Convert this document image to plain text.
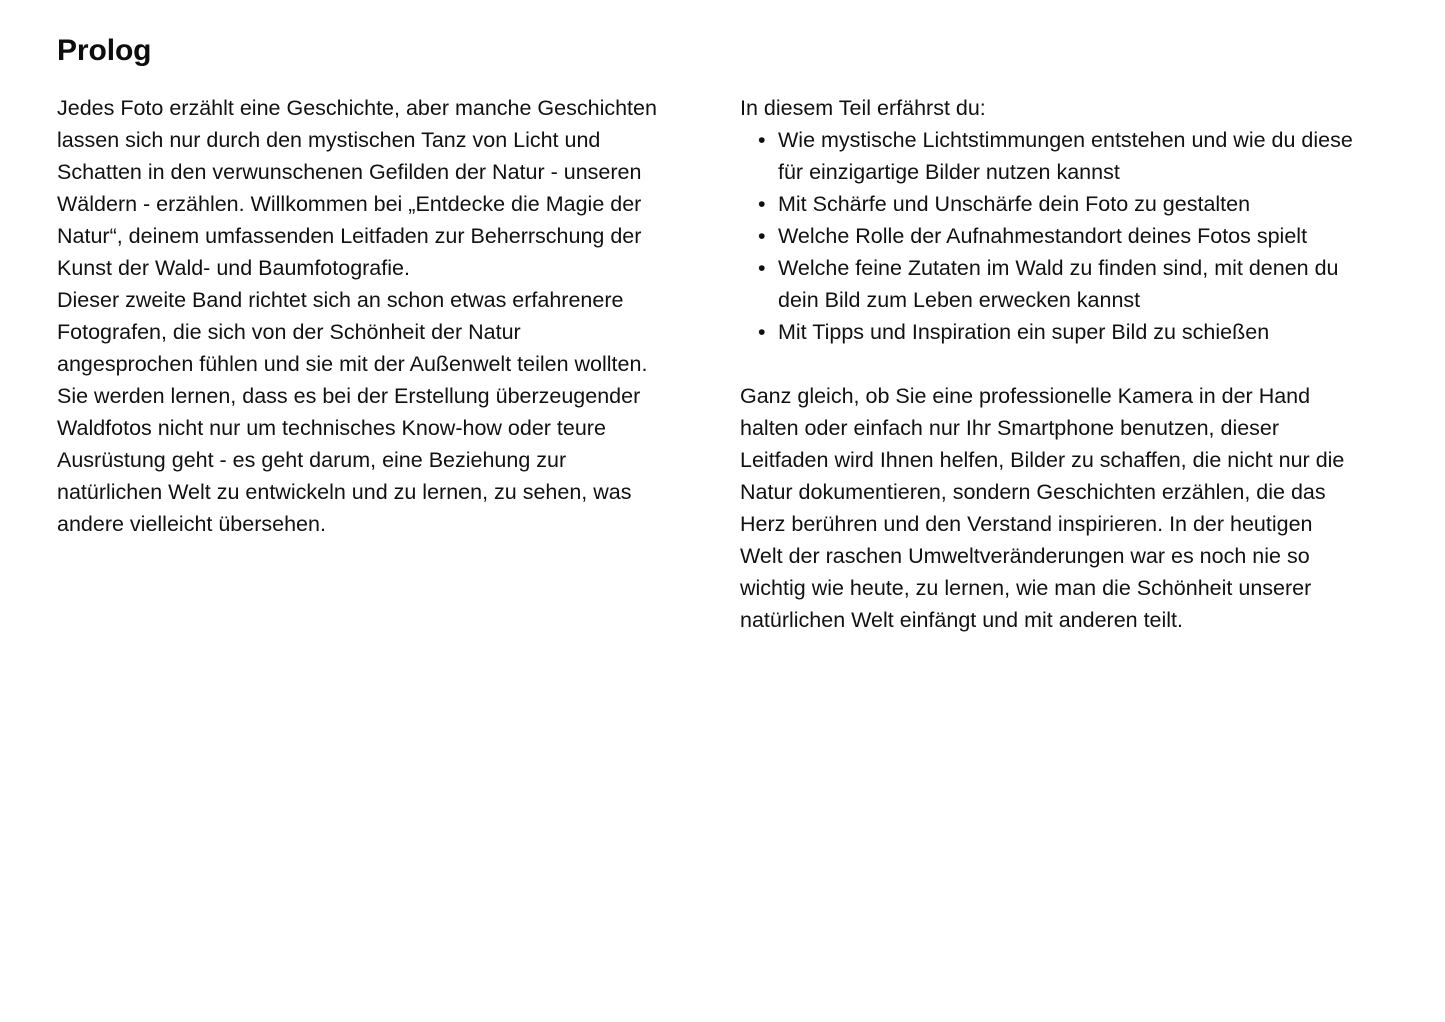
Prolog

Jedes Foto erzählt eine Geschichte, aber manche Geschichten lassen sich nur durch den mystischen Tanz von Licht und Schatten in den verwunschenen Gefilden der Natur - unseren Wäldern - erzählen. Willkommen bei „Entdecke die Magie der Natur“, deinem umfassenden Leitfaden zur Beherrschung der Kunst der Wald- und Baumfotografie.

Dieser zweite Band richtet sich an schon etwas erfahrenere Fotografen, die sich von der Schönheit der Natur angesprochen fühlen und sie mit der Außenwelt teilen wollten. Sie werden lernen, dass es bei der Erstellung überzeugender Waldfotos nicht nur um technisches Know-how oder teure Ausrüstung geht - es geht darum, eine Beziehung zur natürlichen Welt zu entwickeln und zu lernen, zu sehen, was andere vielleicht übersehen.

In diesem Teil erfährst du:

• Wie mystische Lichtstimmungen entstehen und wie du diese für einzigartige Bilder nutzen kannst
• Mit Schärfe und Unschärfe dein Foto zu gestalten
• Welche Rolle der Aufnahmestandort deines Fotos spielt
• Welche feine Zutaten im Wald zu finden sind, mit denen du dein Bild zum Leben erwecken kannst
• Mit Tipps und Inspiration ein super Bild zu schießen

Ganz gleich, ob Sie eine professionelle Kamera in der Hand halten oder einfach nur Ihr Smartphone benutzen, dieser Leitfaden wird Ihnen helfen, Bilder zu schaffen, die nicht nur die Natur dokumentieren, sondern Geschichten erzählen, die das Herz berühren und den Verstand inspirieren. In der heutigen Welt der raschen Umweltveränderungen war es noch nie so wichtig wie heute, zu lernen, wie man die Schönheit unserer natürlichen Welt einfängt und mit anderen teilt.
